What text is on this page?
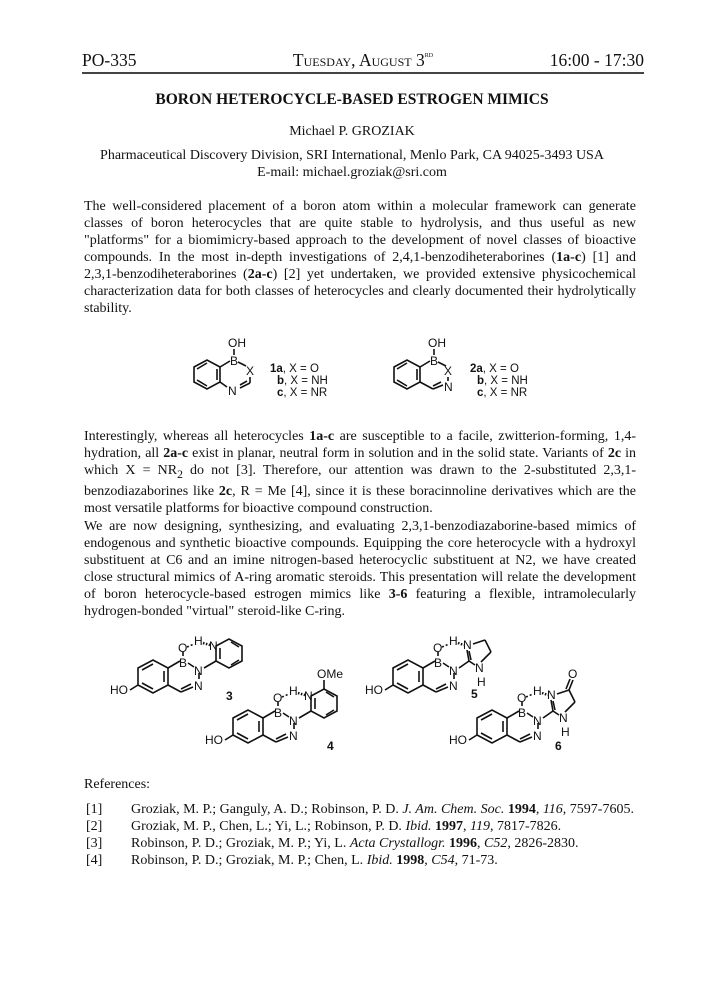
PO-335	Tuesday, August 3rd	16:00 - 17:30
BORON HETEROCYCLE-BASED ESTROGEN MIMICS
Michael P. GROZIAK
Pharmaceutical Discovery Division, SRI International, Menlo Park, CA 94025-3493 USA
E-mail: michael.groziak@sri.com
The well-considered placement of a boron atom within a molecular framework can generate classes of boron heterocycles that are quite stable to hydrolysis, and thus useful as new "platforms" for a biomimicry-based approach to the development of novel classes of bioactive compounds. In the most in-depth investigations of 2,4,1-benzodiheteraborines (1a-c) [1] and 2,3,1-benzodiheteraborines (2a-c) [2] yet undertaken, we provided extensive physicochemical characterization data for both classes of heterocycles and clearly documented their hydrolytically stability.
OH
B
X
N
1a, X = O
b, X = NH
c, X = NR
OH
B
X
N
2a, X = O
b, X = NH
c, X = NR
Interestingly, whereas all heterocycles 1a-c are susceptible to a facile, zwitterion-forming, 1,4-hydration, all 2a-c exist in planar, neutral form in solution and in the solid state. Variants of 2c in which $X = NR_2$ do not [3]. Therefore, our attention was drawn to the 2-substituted 2,3,1-benzodiazaborines like 2c, R = Me [4], since it is these boracinnoline derivatives which are the most versatile platforms for bioactive compound construction.
We are now designing, synthesizing, and evaluating 2,3,1-benzodiazaborine-based mimics of endogenous and synthetic bioactive compounds. Equipping the core heterocycle with a hydroxyl substituent at C6 and an imine nitrogen-based heterocyclic substituent at N2, we have created close structural mimics of A-ring aromatic steroids. This presentation will relate the development of boron heterocycle-based estrogen mimics like 3-6 featuring a flexible, intramolecularly hydrogen-bonded "virtual" steroid-like C-ring.
HO
O H
B
N
N
N
3
HO
O H
B
N
N
N
OMe
4
HO
O H
B
N
N
N
N
H
5
HO
O H
B
N
N
N
N
H
O
6
References:
[1]	Groziak, M. P.; Ganguly, A. D.; Robinson, P. D. J. Am. Chem. Soc. 1994, 116, 7597-7605.
[2]	Groziak, M. P., Chen, L.; Yi, L.; Robinson, P. D. Ibid. 1997, 119, 7817-7826.
[3]	Robinson, P. D.; Groziak, M. P.; Yi, L. Acta Crystallogr. 1996, C52, 2826-2830.
[4]	Robinson, P. D.; Groziak, M. P.; Chen, L. Ibid. 1998, C54, 71-73.
